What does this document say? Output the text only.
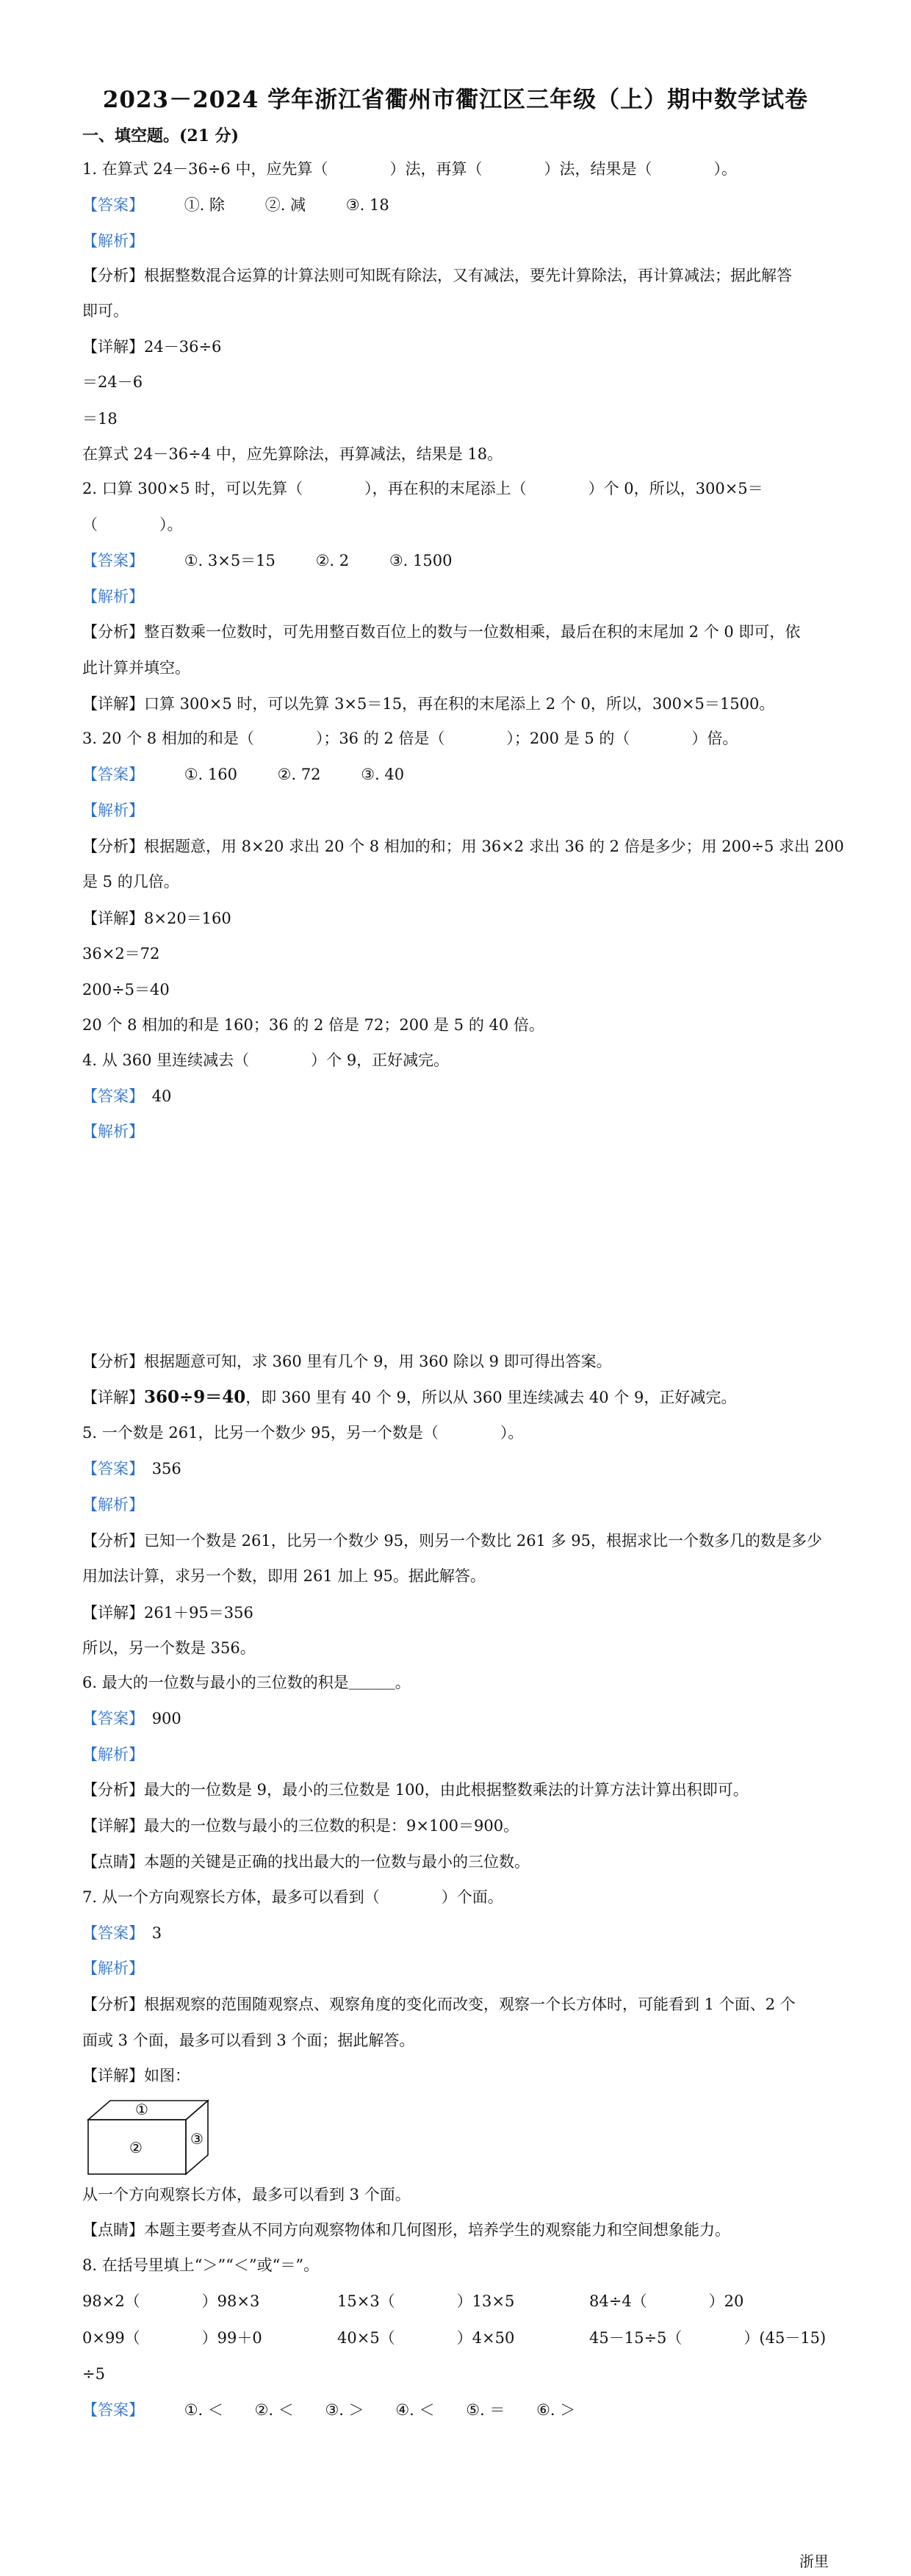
2023－2024 学年浙江省衢州市衢江区三年级（上）期中数学试卷
一、填空题。(21 分)
1. 在算式 24－36÷6 中，应先算（　　　　）法，再算（　　　　）法，结果是（　　　　）。
【答案】	①. 除	②. 减	③. 18
【解析】
【分析】根据整数混合运算的计算法则可知既有除法，又有减法，要先计算除法，再计算减法；据此解答
即可。
【详解】24－36÷6
＝24－6
＝18
在算式 24－36÷4 中，应先算除法，再算减法，结果是 18。
2. 口算 300×5 时，可以先算（　　　　），再在积的末尾添上（　　　　）个 0，所以，300×5＝
（　　　　）。
【答案】	①. 3×5＝15	②. 2	③. 1500
【解析】
【分析】整百数乘一位数时，可先用整百数百位上的数与一位数相乘，最后在积的末尾加 2 个 0 即可，依
此计算并填空。
【详解】口算 300×5 时，可以先算 3×5＝15，再在积的末尾添上 2 个 0，所以，300×5＝1500。
3. 20 个 8 相加的和是（　　　　）；36 的 2 倍是（　　　　）；200 是 5 的（　　　　）倍。
【答案】	①. 160	②. 72	③. 40
【解析】
【分析】根据题意，用 8×20 求出 20 个 8 相加的和；用 36×2 求出 36 的 2 倍是多少；用 200÷5 求出 200
是 5 的几倍。
【详解】8×20＝160
36×2＝72
200÷5＝40
20 个 8 相加的和是 160；36 的 2 倍是 72；200 是 5 的 40 倍。
4. 从 360 里连续减去（　　　　）个 9，正好减完。
【答案】 40
【解析】
【分析】根据题意可知，求 360 里有几个 9，用 360 除以 9 即可得出答案。
【详解】360÷9＝40，即 360 里有 40 个 9，所以从 360 里连续减去 40 个 9，正好减完。
5. 一个数是 261，比另一个数少 95，另一个数是（　　　　）。
【答案】 356
【解析】
【分析】已知一个数是 261，比另一个数少 95，则另一个数比 261 多 95，根据求比一个数多几的数是多少
用加法计算，求另一个数，即用 261 加上 95。据此解答。
【详解】261＋95＝356
所以，另一个数是 356。
6. 最大的一位数与最小的三位数的积是＿＿＿。
【答案】 900
【解析】
【分析】最大的一位数是 9，最小的三位数是 100，由此根据整数乘法的计算方法计算出积即可。
【详解】最大的一位数与最小的三位数的积是：9×100＝900。
【点睛】本题的关键是正确的找出最大的一位数与最小的三位数。
7. 从一个方向观察长方体，最多可以看到（　　　　）个面。
【答案】 3
【解析】
【分析】根据观察的范围随观察点、观察角度的变化而改变，观察一个长方体时，可能看到 1 个面、2 个
面或 3 个面，最多可以看到 3 个面；据此解答。
【详解】如图：
①
②	③
从一个方向观察长方体，最多可以看到 3 个面。
【点睛】本题主要考查从不同方向观察物体和几何图形，培养学生的观察能力和空间想象能力。
8. 在括号里填上“＞”“＜”或“＝”。
98×2（　　　　）98×3	15×3（　　　　）13×5	84÷4（　　　　）20
0×99（　　　　）99＋0	40×5（　　　　）4×50	45－15÷5（　　　　）(45－15)
÷5
【答案】	①. ＜ ②. ＜ ③. ＞ ④. ＜ ⑤. ＝ ⑥. ＞
浙里
